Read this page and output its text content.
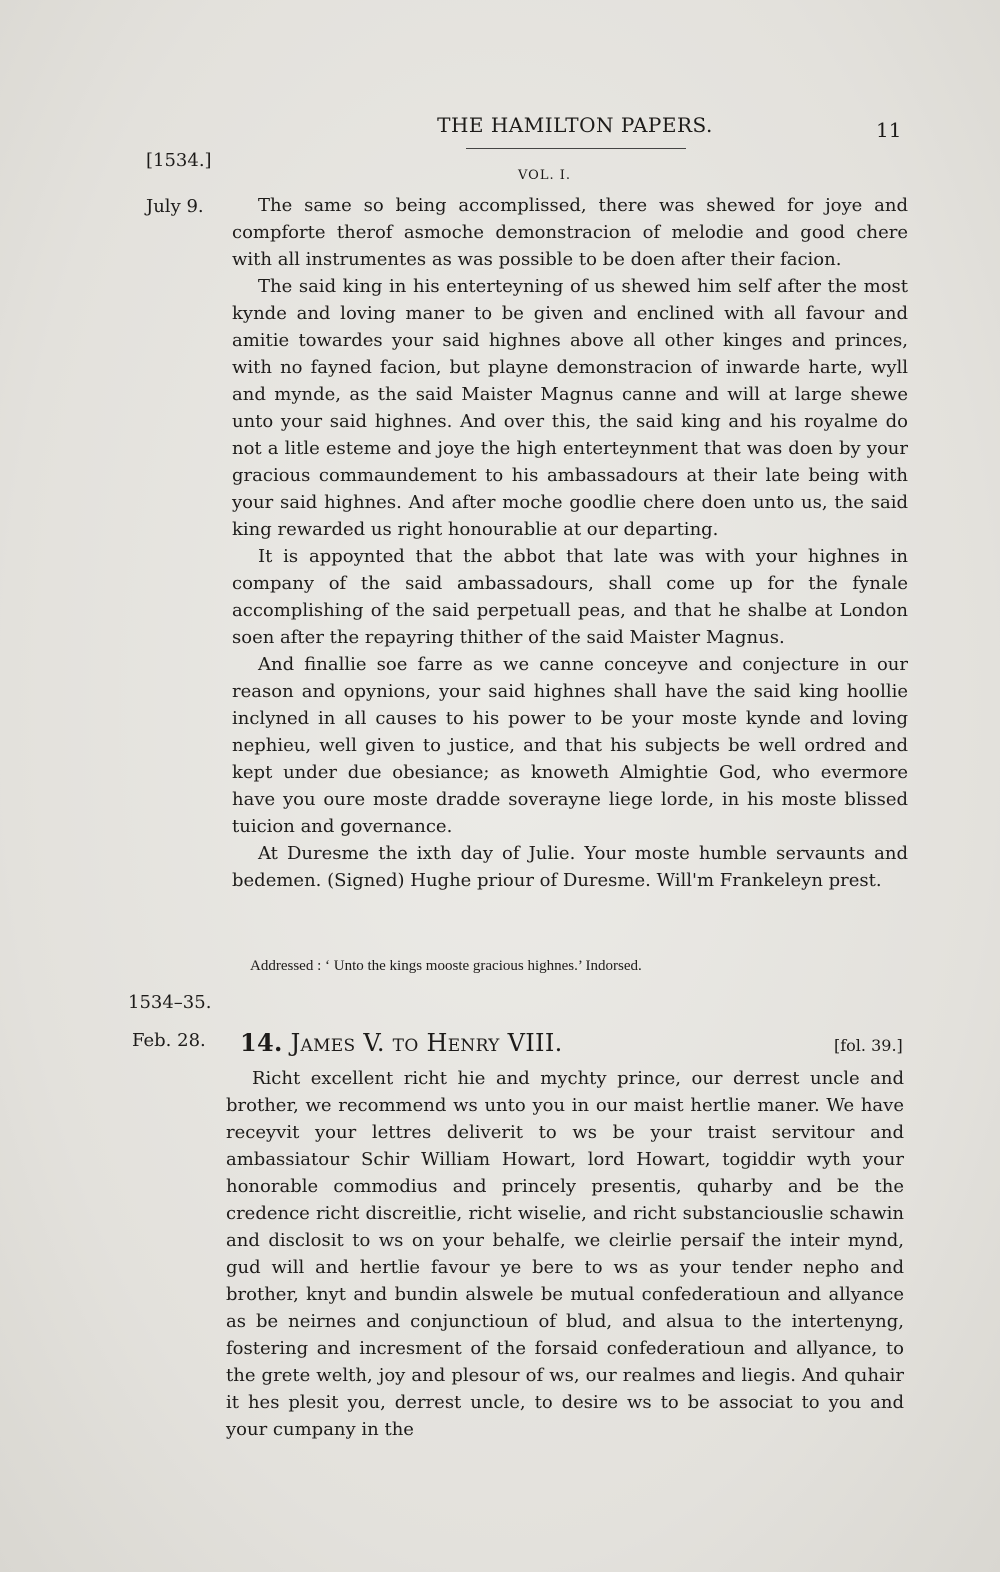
THE HAMILTON PAPERS.	11
VOL. I.
[1534.]
July 9.	The same so being accomplissed, there was shewed for joye and compforte therof asmoche demonstracion of melodie and good chere with all instrumentes as was possible to be doen after their facion.

The said king in his enterteyning of us shewed him self after the most kynde and loving maner to be given and enclined with all favour and amitie towardes your said highnes above all other kinges and princes, with no fayned facion, but playne demonstracion of inwarde harte, wyll and mynde, as the said Maister Magnus canne and will at large shewe unto your said highnes. And over this, the said king and his royalme do not a litle esteme and joye the high enterteynment that was doen by your gracious commaundement to his ambassadours at their late being with your said highnes. And after moche goodlie chere doen unto us, the said king rewarded us right honourablie at our departing.

It is appoynted that the abbot that late was with your highnes in company of the said ambassadours, shall come up for the fynale accomplishing of the said perpetuall peas, and that he shalbe at London soen after the repayring thither of the said Maister Magnus.

And finallie soe farre as we canne conceyve and conjecture in our reason and opynions, your said highnes shall have the said king hoollie inclyned in all causes to his power to be your moste kynde and loving nephieu, well given to justice, and that his subjects be well ordred and kept under due obesiance; as knoweth Almightie God, who evermore have you oure moste dradde soverayne liege lorde, in his moste blissed tuicion and governance.

At Duresme the ixth day of Julie. Your moste humble servaunts and bedemen. (Signed) Hughe priour of Duresme. Will'm Frankeleyn prest.

Addressed : ‘ Unto the kings mooste gracious highnes.’ Indorsed.
1534–35.
Feb. 28. 14. James V. to Henry VIII.	[fol. 39.]

Richt excellent richt hie and mychty prince, our derrest uncle and brother, we recommend ws unto you in our maist hertlie maner. We have receyvit your lettres deliverit to ws be your traist servitour and ambassiatour Schir William Howart, lord Howart, togiddir wyth your honorable commodius and princely presentis, quharby and be the credence richt discreitlie, richt wiselie, and richt substanciouslie schawin and disclosit to ws on your behalfe, we cleirlie persaif the inteir mynd, gud will and hertlie favour ye bere to ws as your tender nepho and brother, knyt and bundin alswele be mutual confederatioun and allyance as be neirnes and conjunctioun of blud, and alsua to the intertenyng, fostering and incresment of the forsaid confederatioun and allyance, to the grete welth, joy and plesour of ws, our realmes and liegis. And quhair it hes plesit you, derrest uncle, to desire ws to be associat to you and your cumpany in the
